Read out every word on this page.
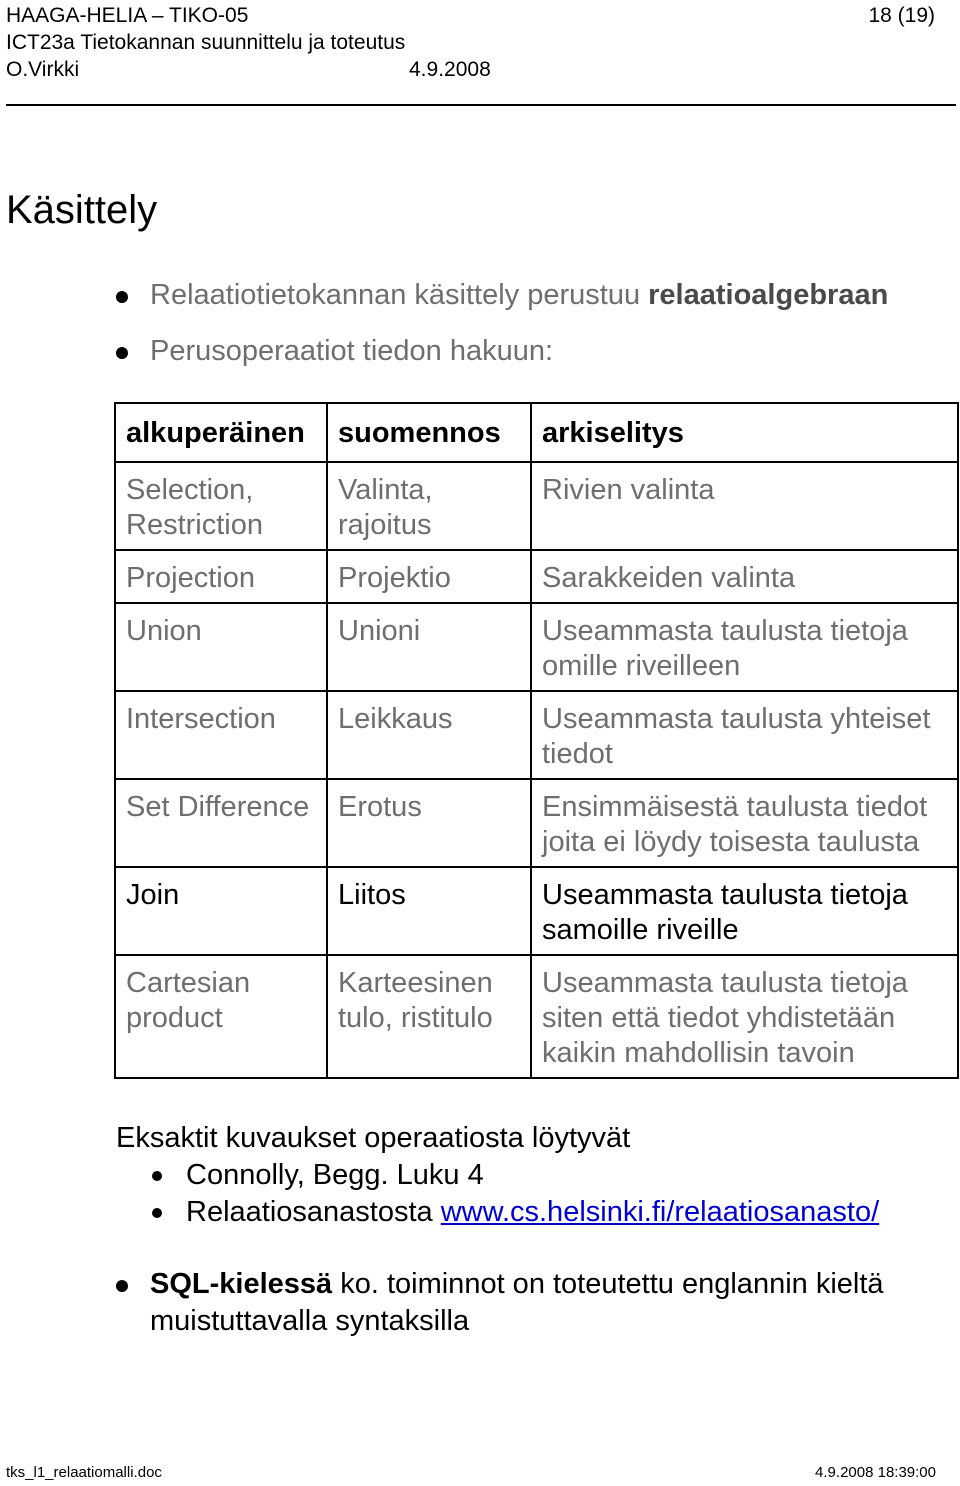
HAAGA-HELIA – TIKO-05	18 (19)
ICT23a Tietokannan suunnittelu ja toteutus
O.Virkki	4.9.2008
Käsittely
Relaatiotietokannan käsittely perustuu relaatioalgebraan
Perusoperaatiot tiedon hakuun:
alkuperäinen	suomennos	arkiselitys
Selection, Restriction	Valinta, rajoitus	Rivien valinta
Projection	Projektio	Sarakkeiden valinta
Union	Unioni	Useammasta taulusta tietoja omille riveilleen
Intersection	Leikkaus	Useammasta taulusta yhteiset tiedot
Set Difference	Erotus	Ensimmäisestä taulusta tiedot joita ei löydy toisesta taulusta
Join	Liitos	Useammasta taulusta tietoja samoille riveille
Cartesian product	Karteesinen tulo, ristitulo	Useammasta taulusta tietoja siten että tiedot yhdistetään kaikin mahdollisin tavoin
Eksaktit kuvaukset operaatiosta löytyvät
Connolly, Begg. Luku 4
Relaatiosanastosta www.cs.helsinki.fi/relaatiosanasto/
SQL-kielessä ko. toiminnot on toteutettu englannin kieltä muistuttavalla syntaksilla
tks_l1_relaatiomalli.doc	4.9.2008 18:39:00
